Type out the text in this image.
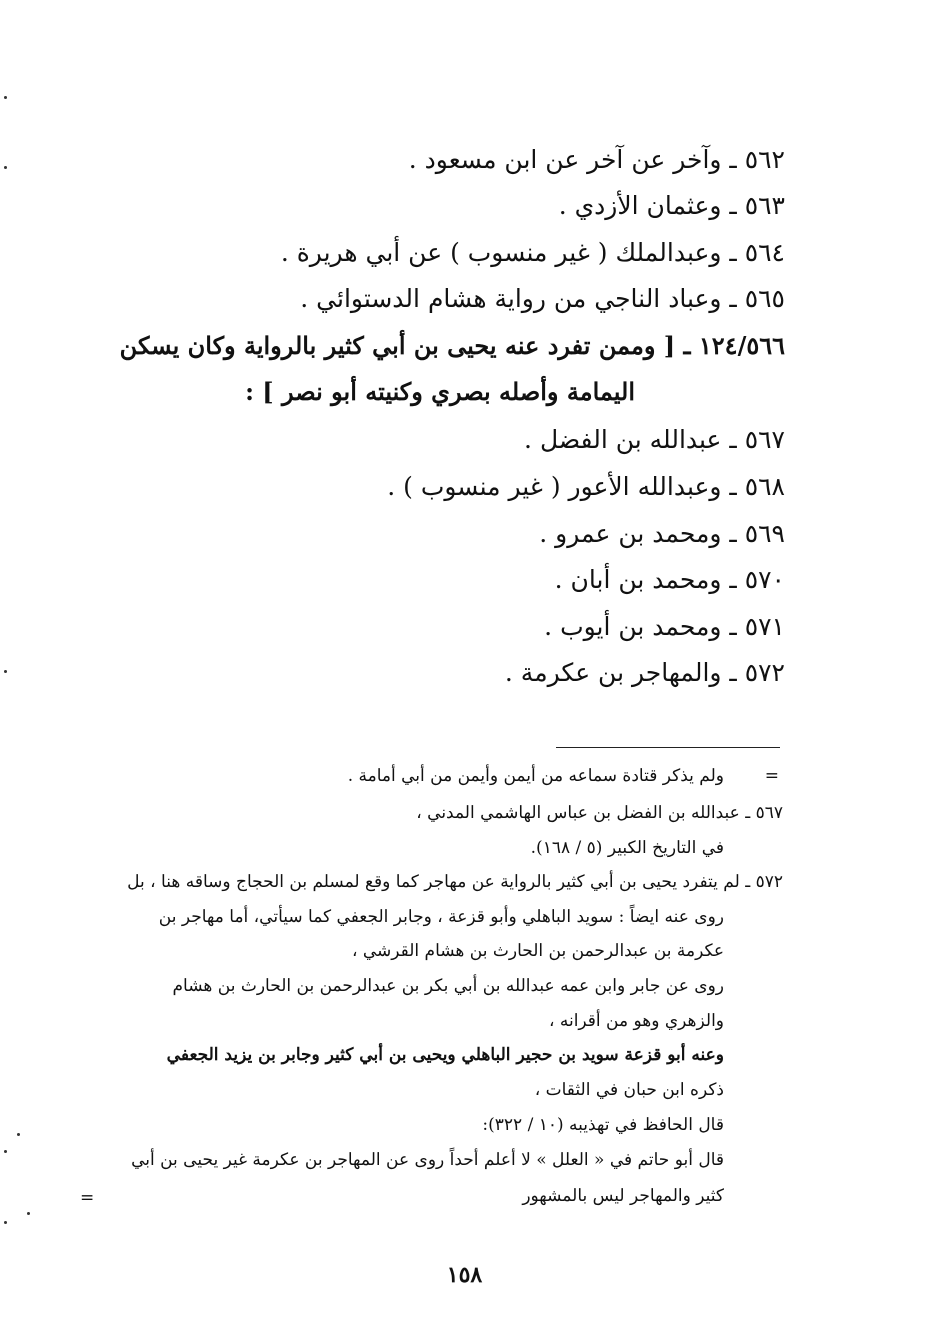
٥٦٢ ـ وآخر عن آخر عن ابن مسعود .
٥٦٣ ـ وعثمان الأزدي .
٥٦٤ ـ وعبدالملك ( غير منسوب ) عن أبي هريرة .
٥٦٥ ـ وعباد الناجي من رواية هشام الدستوائي .
١٢٤/٥٦٦ ـ [ وممن تفرد عنه يحيى بن أبي كثير بالرواية وكان يسكن
اليمامة وأصله بصري وكنيته أبو نصر ] :
٥٦٧ ـ عبدالله بن الفضل .
٥٦٨ ـ وعبدالله الأعور ( غير منسوب ) .
٥٦٩ ـ ومحمد بن عمرو .
٥٧٠ ـ ومحمد بن أبان .
٥٧١ ـ ومحمد بن أيوب .
٥٧٢ ـ والمهاجر بن عكرمة .
=
ولم يذكر قتادة سماعه من أيمن وأيمن من أبي أمامة .
٥٦٧ ـ عبدالله بن الفضل بن عباس الهاشمي المدني ،
في التاريخ الكبير (٥ / ١٦٨).
٥٧٢ ـ لم يتفرد يحيى بن أبي كثير بالرواية عن مهاجر كما وقع لمسلم بن الحجاج وساقه هنا ، بل
روى عنه ايضاً : سويد الباهلي وأبو قزعة ، وجابر الجعفي كما سيأتي، أما مهاجر بن
عكرمة بن عبدالرحمن بن الحارث بن هشام القرشي ،
روى عن جابر وابن عمه عبدالله بن أبي بكر بن عبدالرحمن بن الحارث بن هشام
والزهري وهو من أقرانه ،
وعنه أبو قزعة سويد بن حجير الباهلي ويحيى بن أبي كثير وجابر بن يزيد الجعفي
ذكره ابن حبان في الثقات ،
قال الحافظ في تهذيبه (١٠ / ٣٢٢):
قال أبو حاتم في « العلل » لا أعلم أحداً روى عن المهاجر بن عكرمة غير يحيى بن أبي
كثير والمهاجر ليس بالمشهور
=
١٥٨
